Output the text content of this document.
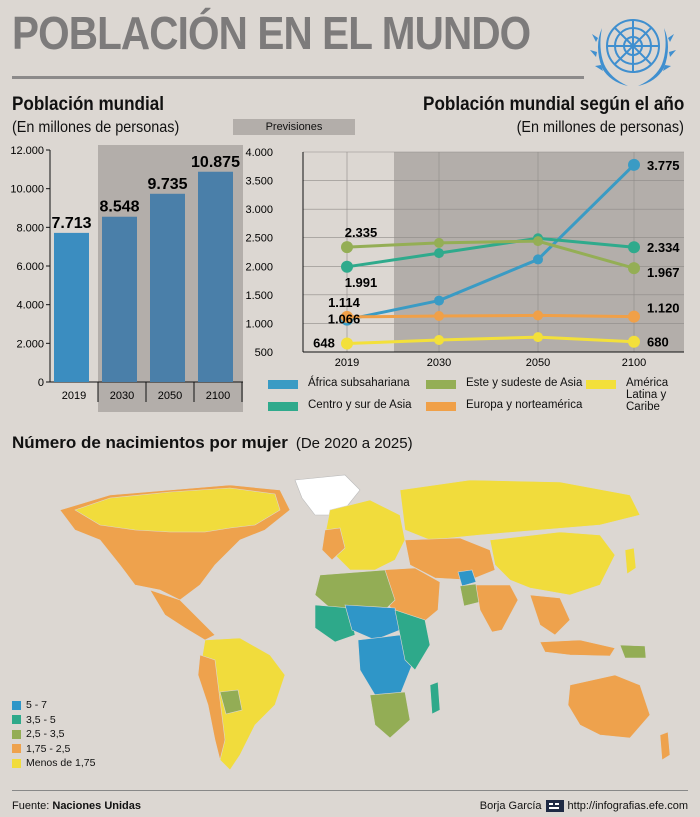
POBLACIÓN EN EL MUNDO
Población mundial
(En millones de personas)	Previsiones
Población mundial según el año
(En millones de personas)
0
2.000
4.000
6.000
8.000
10.000
12.000
7.713
8.548
9.735
10.875
2019 2030 2050 2100
500
1.000
1.500
2.000
2.500
3.000
3.500
4.000
1.066
3.775
1.991
2.334
2.335
1.967
1.114	1.120
648	680
2019	2030	2050	2100
África subsahariana
Centro y sur de Asia
Este y sudeste de Asia
Europa y norteamérica
América Latina y Caribe
Número de nacimientos por mujer (De 2020 a 2025)
5 - 7
3,5 - 5
2,5 - 3,5
1,75 - 2,5
Menos de 1,75
Fuente: Naciones Unidas	Borja García http://infografias.efe.com
